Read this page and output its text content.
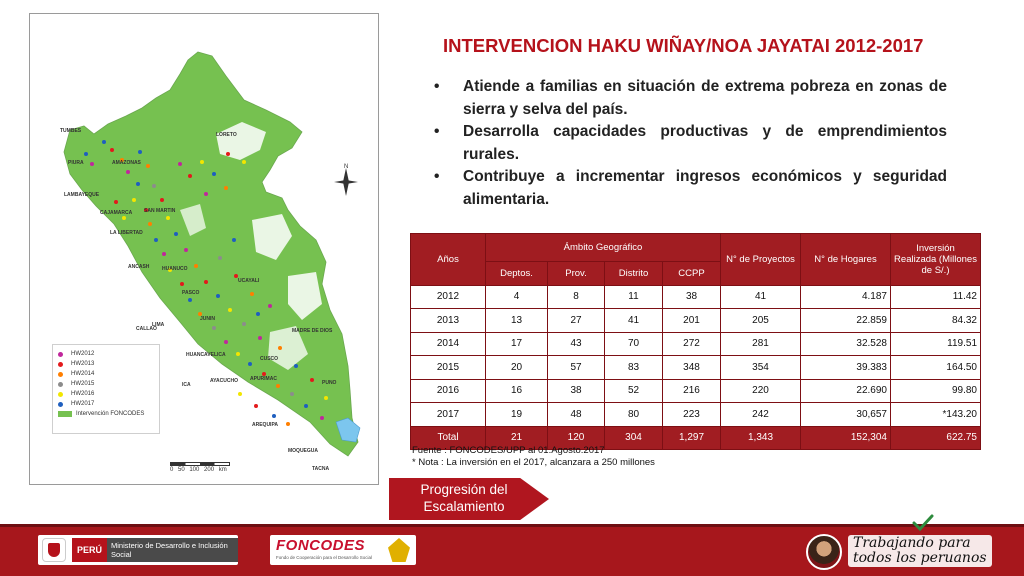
TUMBES
PIURA	AMAZONAS
LORETO
LAMBAYEQUE
CAJAMARCA SAN MARTIN
LA LIBERTAD
ANCASH	HUANUCO
UCAYALI
PASCO
CALLAO
LIMA
JUNIN
MADRE DE DIOS
HUANCAVELICA
CUSCO
ICA
AYACUCHO APURIMAC
PUNO
AREQUIPA
MOQUEGUA
TACNA
N
HW2012
HW2013
HW2014
HW2015
HW2016
HW2017
Intervención FONCODES
0 50 100 200 km
INTERVENCION HAKU WIÑAY/NOA JAYATAI 2012-2017
• Atiende a familias en situación de extrema pobreza en zonas de sierra y selva del país.
• Desarrolla capacidades productivas y de emprendimientos rurales.
• Contribuye a incrementar ingresos económicos y seguridad alimentaria.
Años	Ámbito Geográfico				N° de Proyectos	N° de Hogares	Inversión Realizada (Millones de S/.)
	Deptos.	Prov.	Distrito	CCPP			
2012	4	8	11	38	41	4.187	11.42
2013	13	27	41	201	205	22.859	84.32
2014	17	43	70	272	281	32.528	119.51
2015	20	57	83	348	354	39.383	164.50
2016	16	38	52	216	220	22.690	99.80
2017	19	48	80	223	242	30,657	*143.20
Total	21	120	304	1,297	1,343	152,304	622.75
Fuente : FONCODES/UPP al 01.Agosto.2017
* Nota : La inversión en el 2017, alcanzara a 250 millones
Progresión del Escalamiento
PERÚ	Ministerio de Desarrollo e Inclusión Social
FONCODES
Fondo de Cooperación para el Desarrollo Social
Trabajando para todos los peruanos
